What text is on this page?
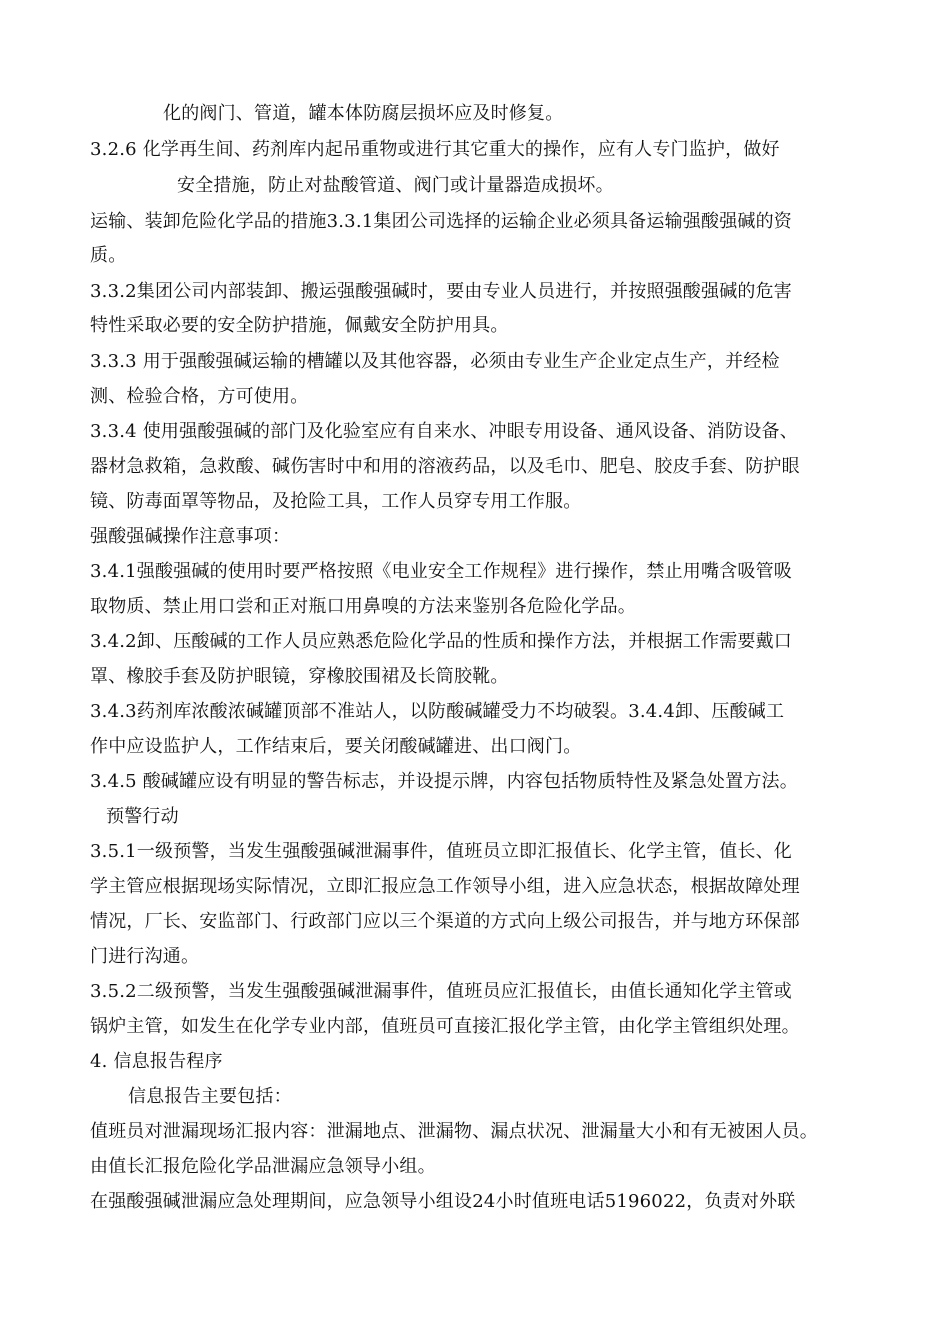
化的阀门、管道，罐本体防腐层损坏应及时修复。
3.2.6 化学再生间、药剂库内起吊重物或进行其它重大的操作，应有人专门监护，做好
安全措施，防止对盐酸管道、阀门或计量器造成损坏。
运输、装卸危险化学品的措施3.3.1集团公司选择的运输企业必须具备运输强酸强碱的资
质。
3.3.2集团公司内部装卸、搬运强酸强碱时，要由专业人员进行，并按照强酸强碱的危害
特性采取必要的安全防护措施，佩戴安全防护用具。
3.3.3 用于强酸强碱运输的槽罐以及其他容器，必须由专业生产企业定点生产，并经检
测、检验合格，方可使用。
3.3.4 使用强酸强碱的部门及化验室应有自来水、冲眼专用设备、通风设备、消防设备、
器材急救箱，急救酸、碱伤害时中和用的溶液药品，以及毛巾、肥皂、胶皮手套、防护眼
镜、防毒面罩等物品，及抢险工具，工作人员穿专用工作服。
强酸强碱操作注意事项：
3.4.1强酸强碱的使用时要严格按照《电业安全工作规程》进行操作，禁止用嘴含吸管吸
取物质、禁止用口尝和正对瓶口用鼻嗅的方法来鉴别各危险化学品。
3.4.2卸、压酸碱的工作人员应熟悉危险化学品的性质和操作方法，并根据工作需要戴口
罩、橡胶手套及防护眼镜，穿橡胶围裙及长筒胶靴。
3.4.3药剂库浓酸浓碱罐顶部不准站人，以防酸碱罐受力不均破裂。3.4.4卸、压酸碱工
作中应设监护人，工作结束后，要关闭酸碱罐进、出口阀门。
3.4.5 酸碱罐应设有明显的警告标志，并设提示牌，内容包括物质特性及紧急处置方法。
预警行动
3.5.1一级预警，当发生强酸强碱泄漏事件，值班员立即汇报值长、化学主管，值长、化
学主管应根据现场实际情况，立即汇报应急工作领导小组，进入应急状态，根据故障处理
情况，厂长、安监部门、行政部门应以三个渠道的方式向上级公司报告，并与地方环保部
门进行沟通。
3.5.2二级预警，当发生强酸强碱泄漏事件，值班员应汇报值长，由值长通知化学主管或
锅炉主管，如发生在化学专业内部，值班员可直接汇报化学主管，由化学主管组织处理。
4. 信息报告程序
信息报告主要包括：
值班员对泄漏现场汇报内容：泄漏地点、泄漏物、漏点状况、泄漏量大小和有无被困人员。
由值长汇报危险化学品泄漏应急领导小组。
在强酸强碱泄漏应急处理期间，应急领导小组设24小时值班电话5196022，负责对外联
